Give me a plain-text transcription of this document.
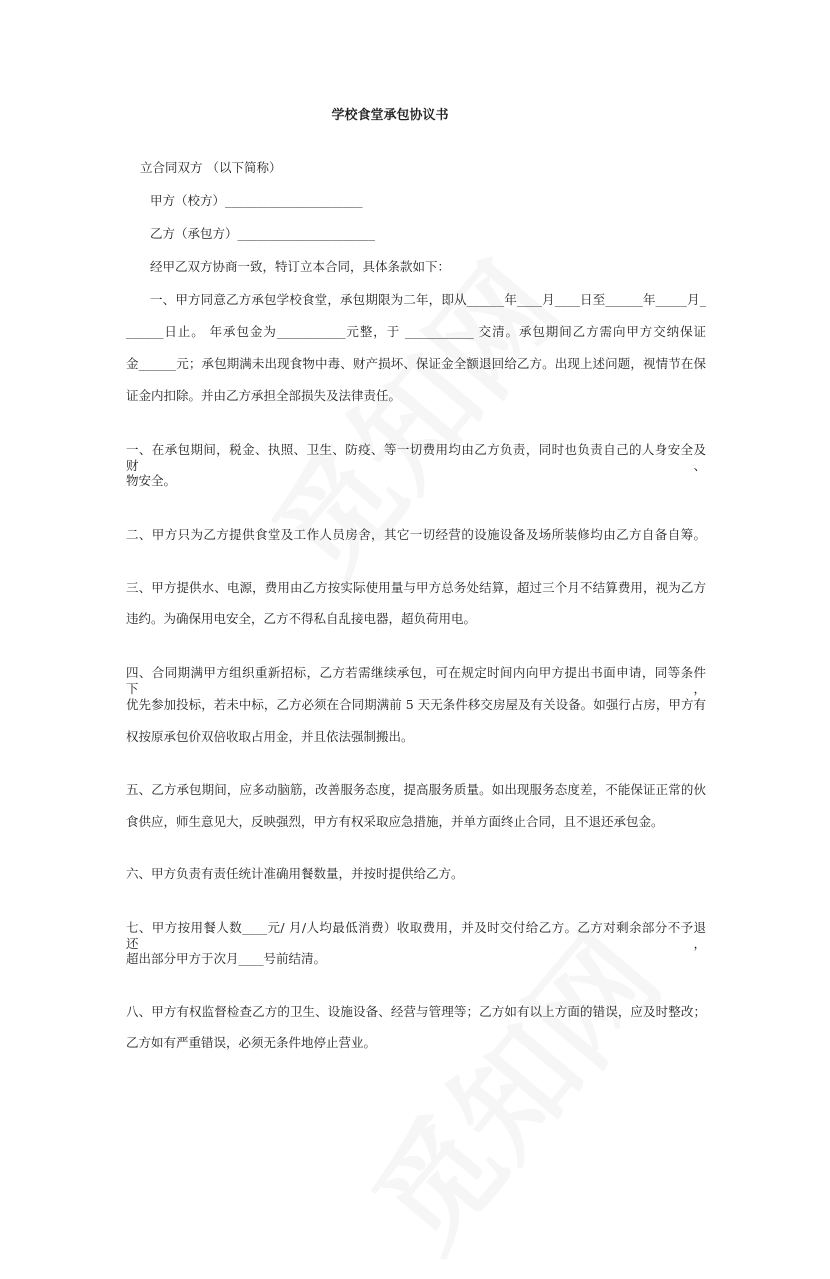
学校食堂承包协议书
立合同双方 （以下简称）
甲方（校方）______________________
乙方（承包方）______________________
经甲乙双方协商一致，特订立本合同，具体条款如下：
一、甲方同意乙方承包学校食堂，承包期限为二年，即从______年____月____日至______年_____月_
______日止。 年承包金为___________元整，于 ___________ 交清。承包期间乙方需向甲方交纳保证
金______元；承包期满未出现食物中毒、财产损坏、保证金全额退回给乙方。出现上述问题，视情节在保
证金内扣除。并由乙方承担全部损失及法律责任。
一、在承包期间，税金、执照、卫生、防疫、等一切费用均由乙方负责，同时也负责自己的人身安全及财、
物安全。
二、甲方只为乙方提供食堂及工作人员房舍，其它一切经营的设施设备及场所装修均由乙方自备自筹。
三、甲方提供水、电源，费用由乙方按实际使用量与甲方总务处结算，超过三个月不结算费用，视为乙方
违约。为确保用电安全，乙方不得私自乱接电器，超负荷用电。
四、合同期满甲方组织重新招标，乙方若需继续承包，可在规定时间内向甲方提出书面申请，同等条件下，
优先参加投标，若未中标，乙方必须在合同期满前 5 天无条件移交房屋及有关设备。如强行占房，甲方有
权按原承包价双倍收取占用金，并且依法强制搬出。
五、乙方承包期间，应多动脑筋，改善服务态度，提高服务质量。如出现服务态度差，不能保证正常的伙
食供应，师生意见大，反映强烈，甲方有权采取应急措施，并单方面终止合同，且不退还承包金。
六、甲方负责有责任统计准确用餐数量，并按时提供给乙方。
七、甲方按用餐人数____元/ 月/人均最低消费）收取费用，并及时交付给乙方。乙方对剩余部分不予退还，
超出部分甲方于次月____号前结清。
八、甲方有权监督检查乙方的卫生、设施设备、经营与管理等；乙方如有以上方面的错误，应及时整改；
乙方如有严重错误，必须无条件地停止营业。
